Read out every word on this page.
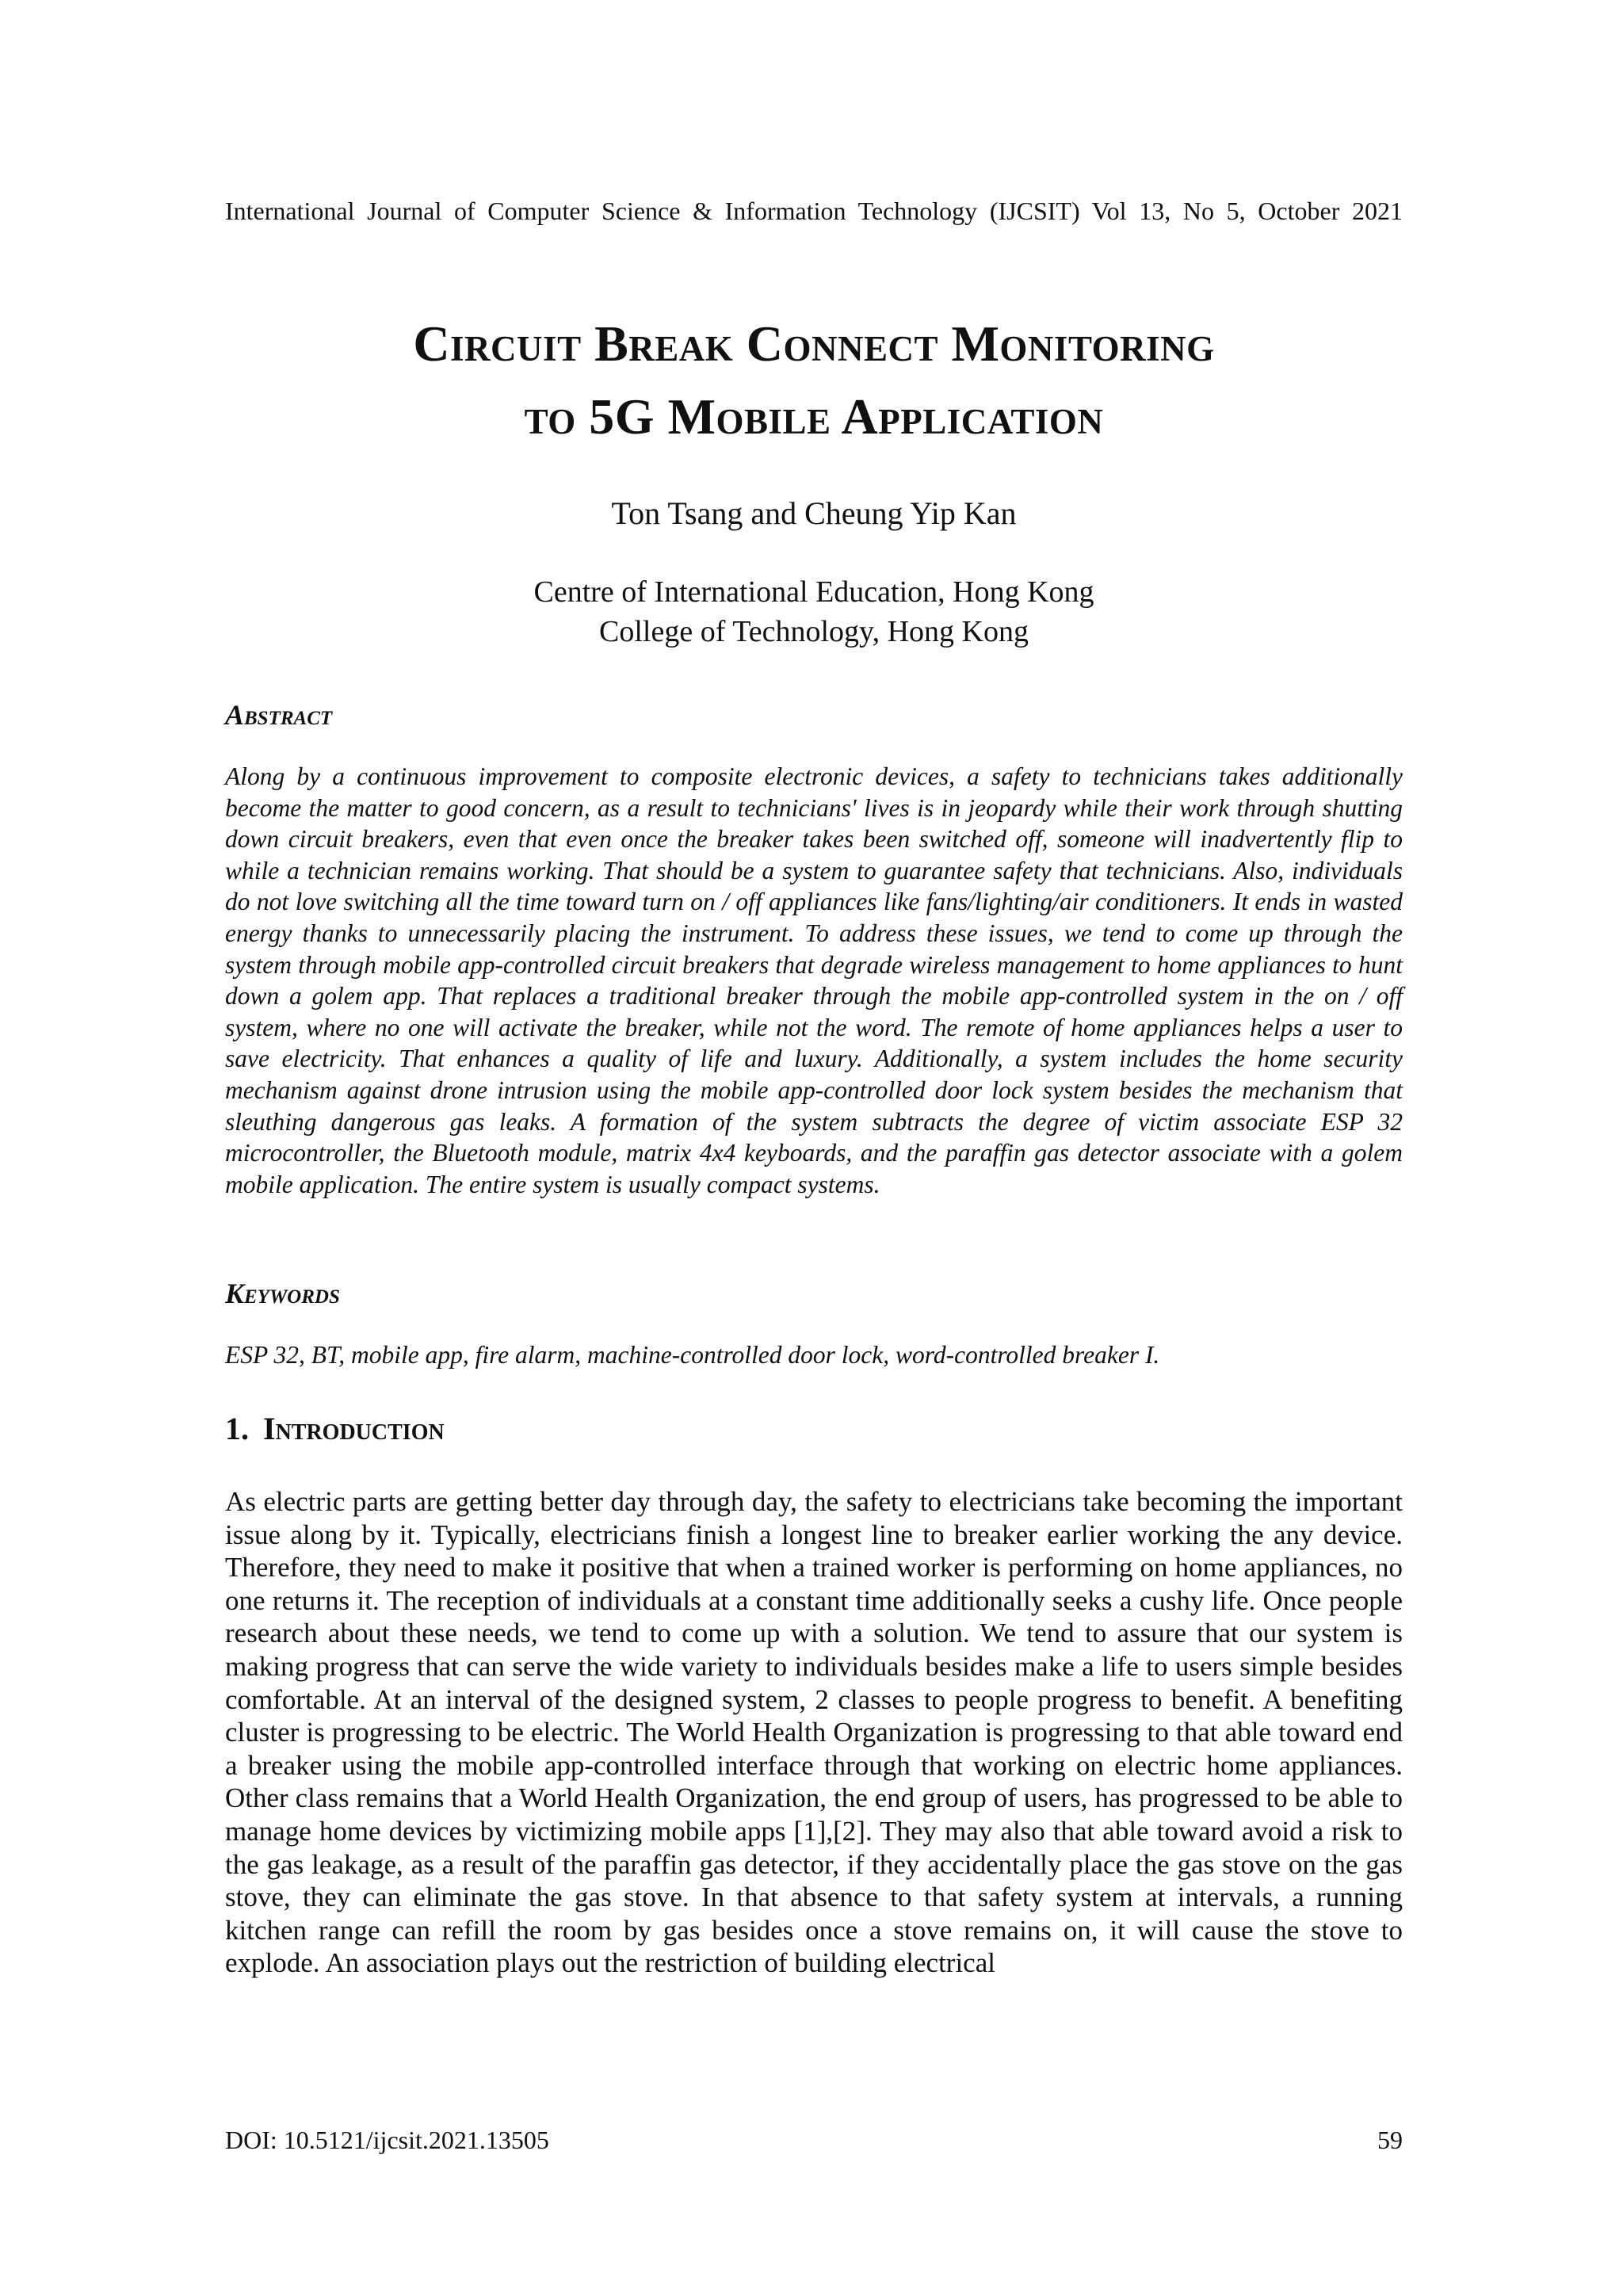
International Journal of Computer Science & Information Technology (IJCSIT) Vol 13, No 5, October 2021
Circuit Break Connect Monitoring
to 5G Mobile Application
Ton Tsang and Cheung Yip Kan
Centre of International Education, Hong Kong
College of Technology, Hong Kong
Abstract

Along by a continuous improvement to composite electronic devices, a safety to technicians takes additionally become the matter to good concern, as a result to technicians' lives is in jeopardy while their work through shutting down circuit breakers, even that even once the breaker takes been switched off, someone will inadvertently flip to while a technician remains working. That should be a system to guarantee safety that technicians. Also, individuals do not love switching all the time toward turn on / off appliances like fans/lighting/air conditioners. It ends in wasted energy thanks to unnecessarily placing the instrument. To address these issues, we tend to come up through the system through mobile app-controlled circuit breakers that degrade wireless management to home appliances to hunt down a golem app. That replaces a traditional breaker through the mobile app-controlled system in the on / off system, where no one will activate the breaker, while not the word. The remote of home appliances helps a user to save electricity. That enhances a quality of life and luxury. Additionally, a system includes the home security mechanism against drone intrusion using the mobile app-controlled door lock system besides the mechanism that sleuthing dangerous gas leaks. A formation of the system subtracts the degree of victim associate ESP 32 microcontroller, the Bluetooth module, matrix 4x4 keyboards, and the paraffin gas detector associate with a golem mobile application. The entire system is usually compact systems.

Keywords

ESP 32, BT, mobile app, fire alarm, machine-controlled door lock, word-controlled breaker I.

1. Introduction

As electric parts are getting better day through day, the safety to electricians take becoming the important issue along by it. Typically, electricians finish a longest line to breaker earlier working the any device. Therefore, they need to make it positive that when a trained worker is performing on home appliances, no one returns it. The reception of individuals at a constant time additionally seeks a cushy life. Once people research about these needs, we tend to come up with a solution. We tend to assure that our system is making progress that can serve the wide variety to individuals besides make a life to users simple besides comfortable. At an interval of the designed system, 2 classes to people progress to benefit. A benefiting cluster is progressing to be electric. The World Health Organization is progressing to that able toward end a breaker using the mobile app-controlled interface through that working on electric home appliances. Other class remains that a World Health Organization, the end group of users, has progressed to be able to manage home devices by victimizing mobile apps [1],[2]. They may also that able toward avoid a risk to the gas leakage, as a result of the paraffin gas detector, if they accidentally place the gas stove on the gas stove, they can eliminate the gas stove. In that absence to that safety system at intervals, a running kitchen range can refill the room by gas besides once a stove remains on, it will cause the stove to explode. An association plays out the restriction of building electrical

DOI: 10.5121/ijcsit.2021.13505	59
